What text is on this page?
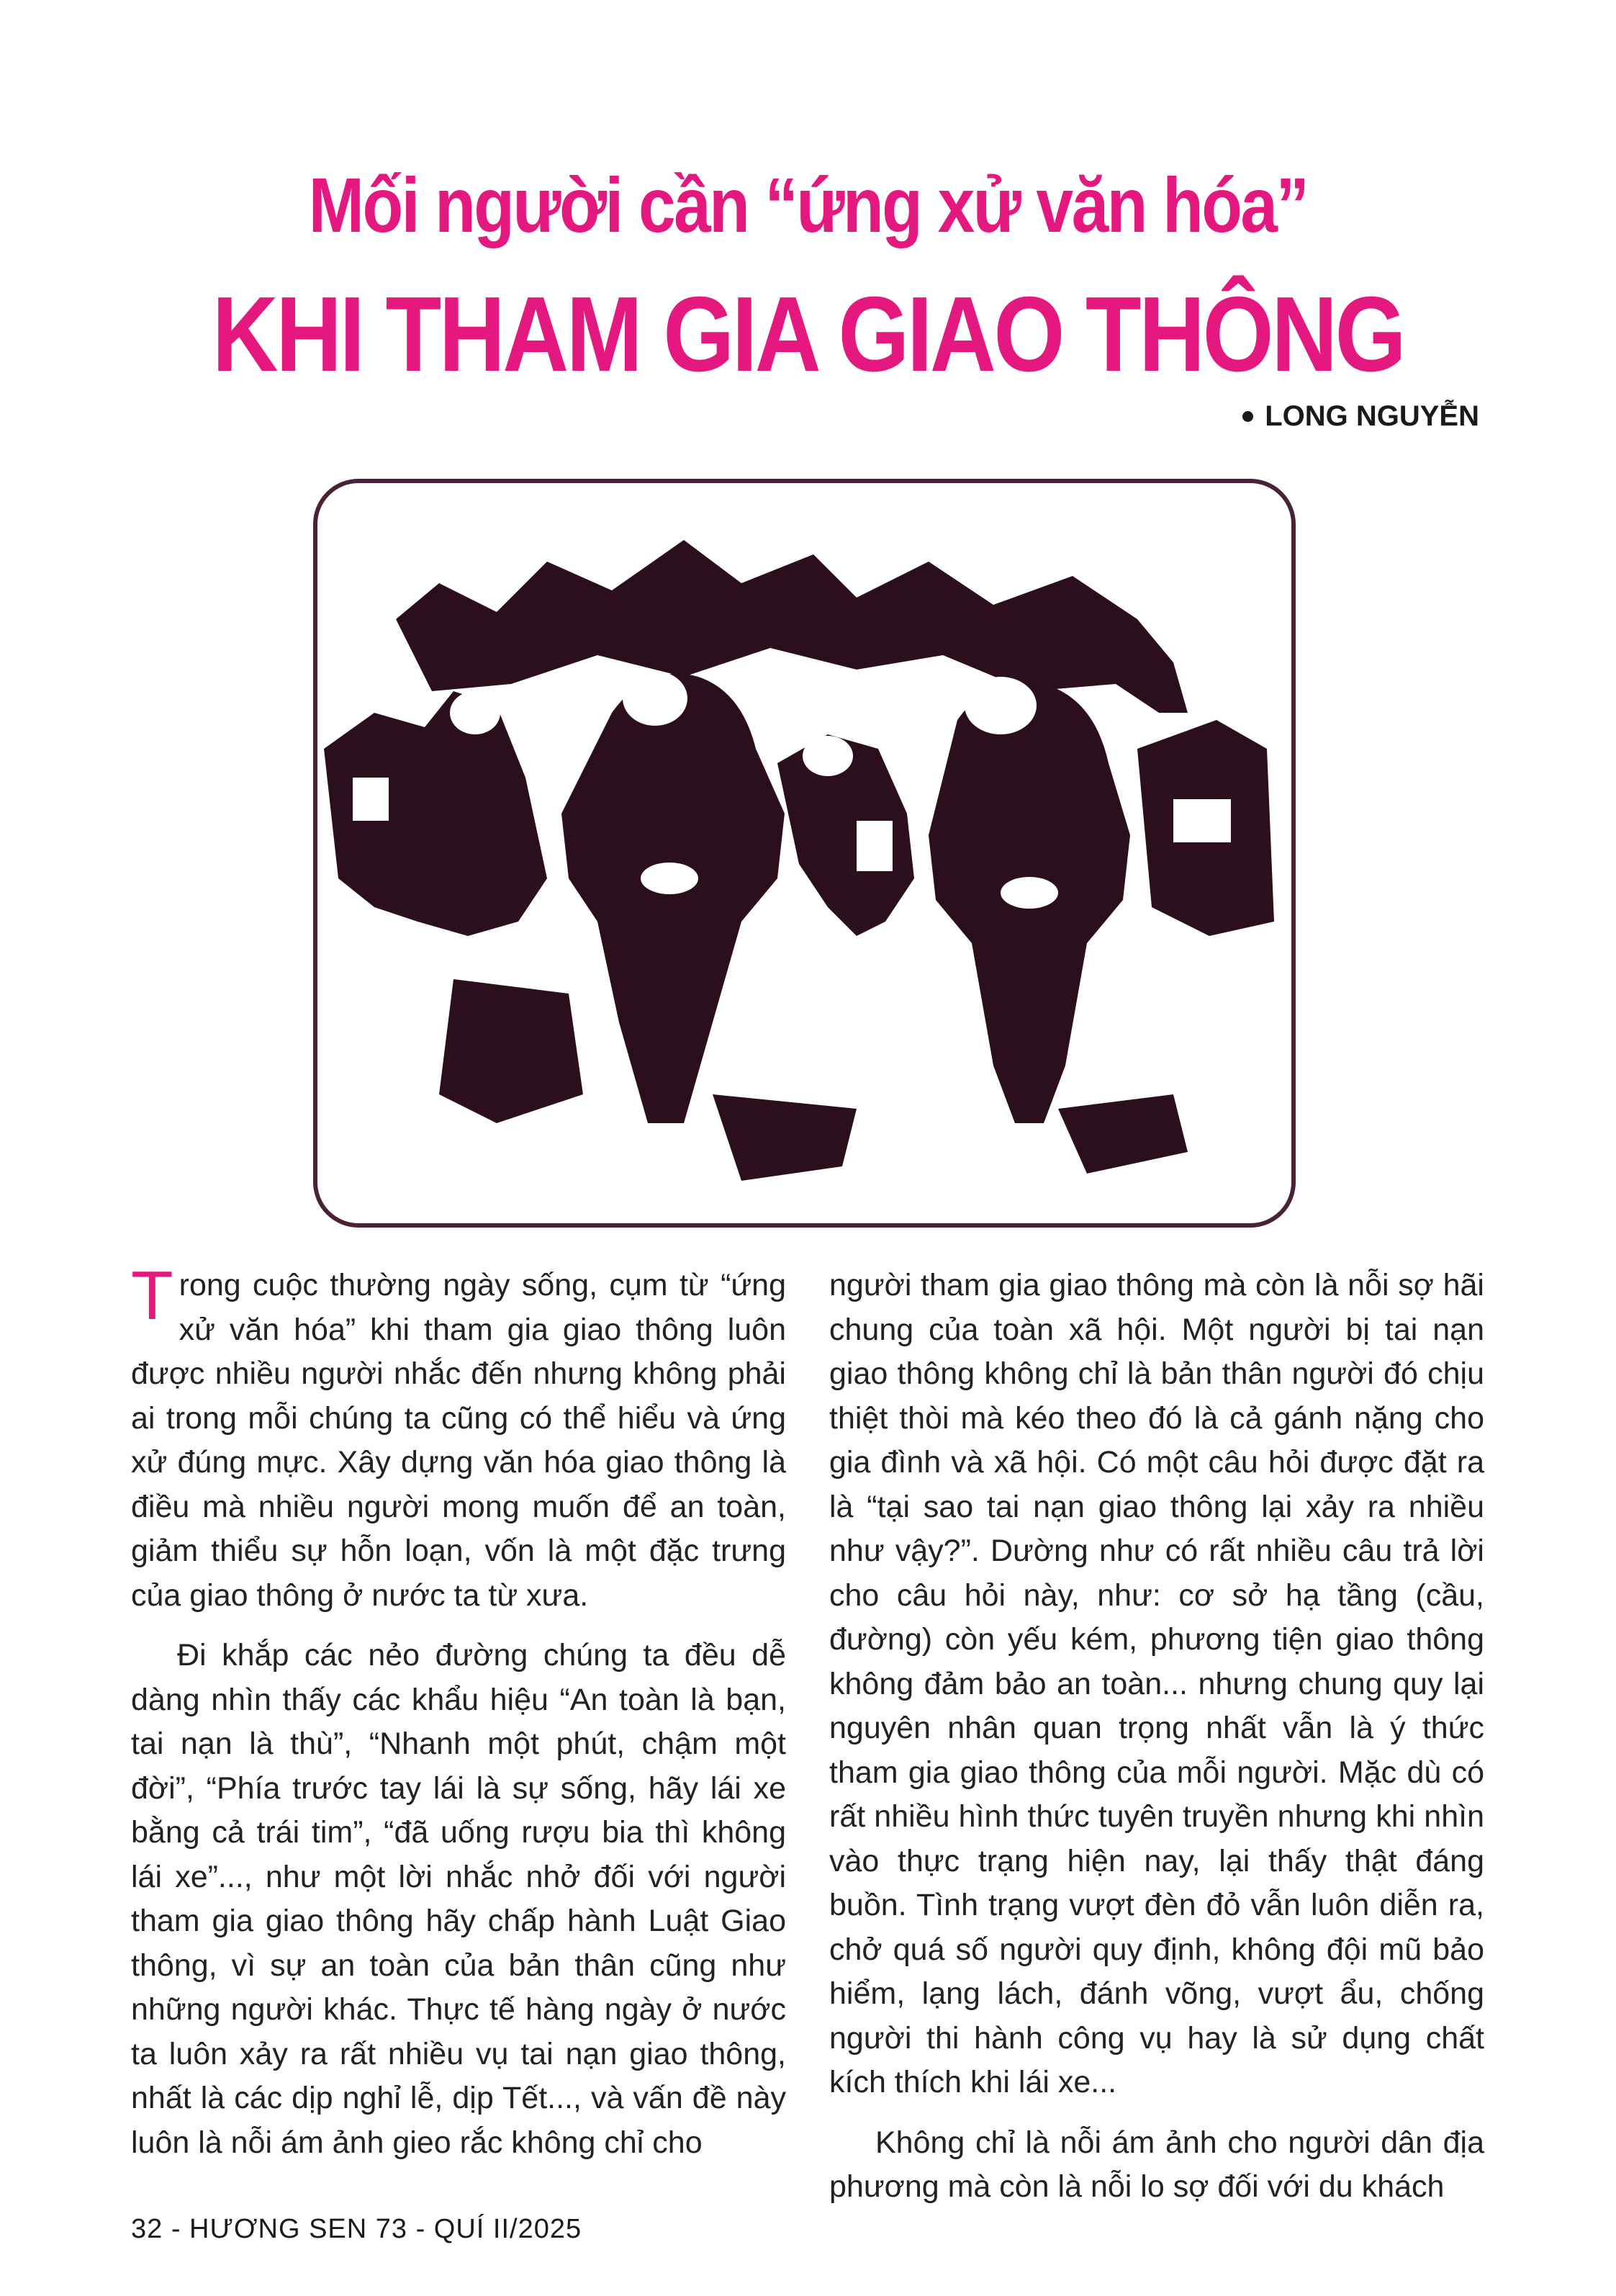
Mối người cần “ứng xử văn hóa”
KHI THAM GIA GIAO THÔNG
LONG NGUYỄN

Trong cuộc thường ngày sống, cụm từ “ứng xử văn hóa” khi tham gia giao thông luôn được nhiều người nhắc đến nhưng không phải ai trong mỗi chúng ta cũng có thể hiểu và ứng xử đúng mực. Xây dựng văn hóa giao thông là điều mà nhiều người mong muốn để an toàn, giảm thiểu sự hỗn loạn, vốn là một đặc trưng của giao thông ở nước ta từ xưa.

Đi khắp các nẻo đường chúng ta đều dễ dàng nhìn thấy các khẩu hiệu “An toàn là bạn, tai nạn là thù”, “Nhanh một phút, chậm một đời”, “Phía trước tay lái là sự sống, hãy lái xe bằng cả trái tim”, “đã uống rượu bia thì không lái xe”..., như một lời nhắc nhở đối với người tham gia giao thông hãy chấp hành Luật Giao thông, vì sự an toàn của bản thân cũng như những người khác. Thực tế hàng ngày ở nước ta luôn xảy ra rất nhiều vụ tai nạn giao thông, nhất là các dịp nghỉ lễ, dịp Tết..., và vấn đề này luôn là nỗi ám ảnh gieo rắc không chỉ cho

người tham gia giao thông mà còn là nỗi sợ hãi chung của toàn xã hội. Một người bị tai nạn giao thông không chỉ là bản thân người đó chịu thiệt thòi mà kéo theo đó là cả gánh nặng cho gia đình và xã hội. Có một câu hỏi được đặt ra là “tại sao tai nạn giao thông lại xảy ra nhiều như vậy?”. Dường như có rất nhiều câu trả lời cho câu hỏi này, như: cơ sở hạ tầng (cầu, đường) còn yếu kém, phương tiện giao thông không đảm bảo an toàn... nhưng chung quy lại nguyên nhân quan trọng nhất vẫn là ý thức tham gia giao thông của mỗi người. Mặc dù có rất nhiều hình thức tuyên truyền nhưng khi nhìn vào thực trạng hiện nay, lại thấy thật đáng buồn. Tình trạng vượt đèn đỏ vẫn luôn diễn ra, chở quá số người quy định, không đội mũ bảo hiểm, lạng lách, đánh võng, vượt ẩu, chống người thi hành công vụ hay là sử dụng chất kích thích khi lái xe...

Không chỉ là nỗi ám ảnh cho người dân địa phương mà còn là nỗi lo sợ đối với du khách

32 - HƯƠNG SEN 73 - QUÍ II/2025
